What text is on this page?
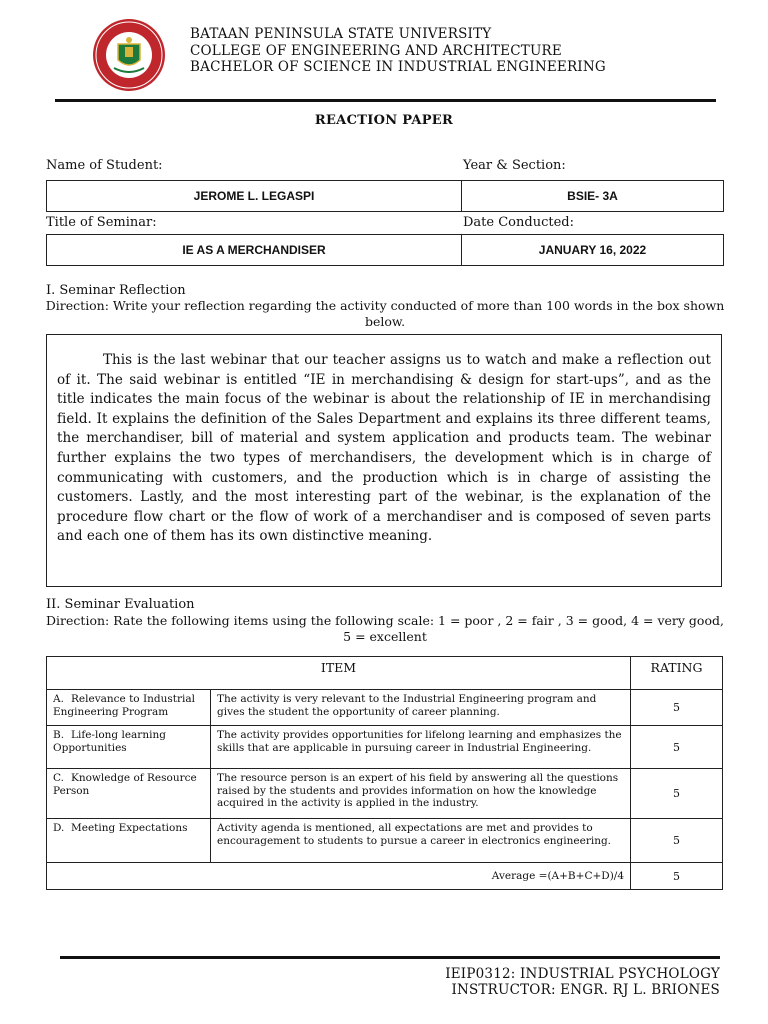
BATAAN PENINSULA STATE UNIVERSITY
COLLEGE OF ENGINEERING AND ARCHITECTURE
BACHELOR OF SCIENCE IN INDUSTRIAL ENGINEERING
REACTION PAPER
Name of Student:	Year & Section:
JEROME L. LEGASPI	BSIE- 3A
Title of Seminar:	Date Conducted:
IE AS A MERCHANDISER	JANUARY 16, 2022
I. Seminar Reflection
Direction: Write your reflection regarding the activity conducted of more than 100 words in the box shown below.

This is the last webinar that our teacher assigns us to watch and make a reflection out of it. The said webinar is entitled “IE in merchandising & design for start-ups”, and as the title indicates the main focus of the webinar is about the relationship of IE in merchandising field. It explains the definition of the Sales Department and explains its three different teams, the merchandiser, bill of material and system application and products team. The webinar further explains the two types of merchandisers, the development which is in charge of communicating with customers, and the production which is in charge of assisting the customers. Lastly, and the most interesting part of the webinar, is the explanation of the procedure flow chart or the flow of work of a merchandiser and is composed of seven parts and each one of them has its own distinctive meaning.

II. Seminar Evaluation
Direction: Rate the following items using the following scale: 1 = poor , 2 = fair , 3 = good, 4 = very good, 5 = excellent
ITEM		RATING
A. Relevance to Industrial Engineering Program	The activity is very relevant to the Industrial Engineering program and gives the student the opportunity of career planning.	5
B. Life-long learning Opportunities	The activity provides opportunities for lifelong learning and emphasizes the skills that are applicable in pursuing career in Industrial Engineering.	5
C. Knowledge of Resource Person	The resource person is an expert of his field by answering all the questions raised by the students and provides information on how the knowledge acquired in the activity is applied in the industry.	5
D. Meeting Expectations	Activity agenda is mentioned, all expectations are met and provides to encouragement to students to pursue a career in electronics engineering.	5
Average =(A+B+C+D)/4		5
IEIP0312: INDUSTRIAL PSYCHOLOGY
INSTRUCTOR: ENGR. RJ L. BRIONES
